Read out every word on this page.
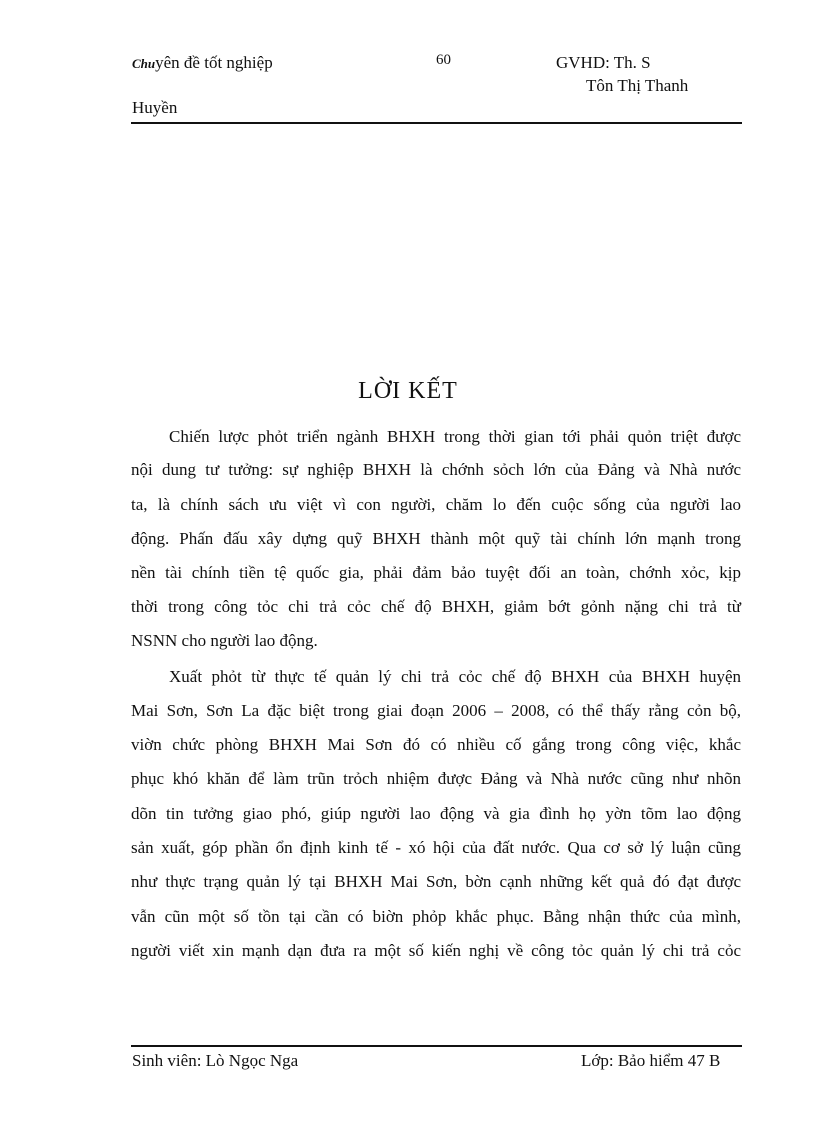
Chuyên đề tốt nghiệp	60	GVHD: Th. S
Tôn Thị Thanh
Huyền
LỜI KẾT
Chiến lược phỏt triển ngành BHXH trong thời gian tới phải quỏn triệt được
nội dung tư tưởng: sự nghiệp BHXH là chớnh sỏch lớn của Đảng và Nhà nước
ta, là chính sách ưu việt vì con người, chăm lo đến cuộc sống của người lao
động. Phấn đấu xây dựng quỹ BHXH thành một quỹ tài chính lớn mạnh trong
nền tài chính tiền tệ quốc gia, phải đảm bảo tuyệt đối an toàn, chớnh xỏc, kịp
thời trong công tỏc chi trả cỏc chế độ BHXH, giảm bớt gỏnh nặng chi trả từ
NSNN cho người lao động.
Xuất phỏt từ thực tế quản lý chi trả cỏc chế độ BHXH của BHXH huyện
Mai Sơn, Sơn La đặc biệt trong giai đoạn 2006 – 2008, có thể thấy rằng cỏn bộ,
viờn chức phòng BHXH Mai Sơn đó có nhiều cố gắng trong công việc, khắc
phục khó khăn để làm trũn trỏch nhiệm được Đảng và Nhà nước cũng như nhõn
dõn tin tưởng giao phó, giúp người lao động và gia đình họ yờn tõm lao động
sản xuất, góp phần ổn định kinh tế - xó hội của đất nước. Qua cơ sở lý luận cũng
như thực trạng quản lý tại BHXH Mai Sơn, bờn cạnh những kết quả đó đạt được
vẫn cũn một số tồn tại cần có biờn phỏp khắc phục. Bằng nhận thức của mình,
người viết xin mạnh dạn đưa ra một số kiến nghị về công tỏc quản lý chi trả cỏc
Sinh viên: Lò Ngọc Nga	Lớp: Bảo hiểm 47 B
